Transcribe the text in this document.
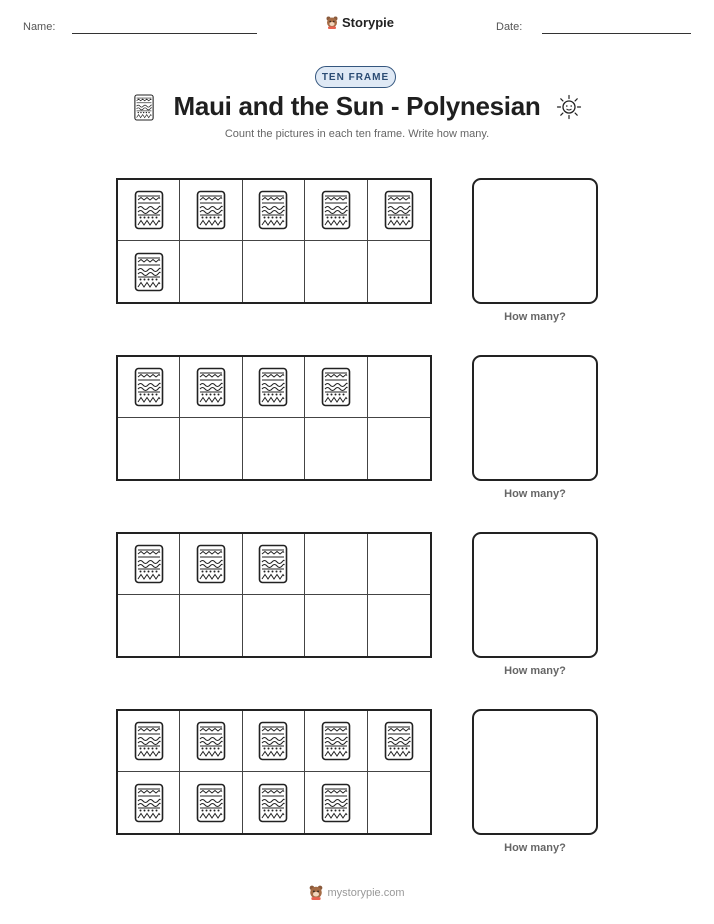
Name:	Storypie	Date:
TEN FRAME
Maui and the Sun - Polynesian
Count the pictures in each ten frame. Write how many.
How many?
How many?
How many?
How many?
mystorypie.com
